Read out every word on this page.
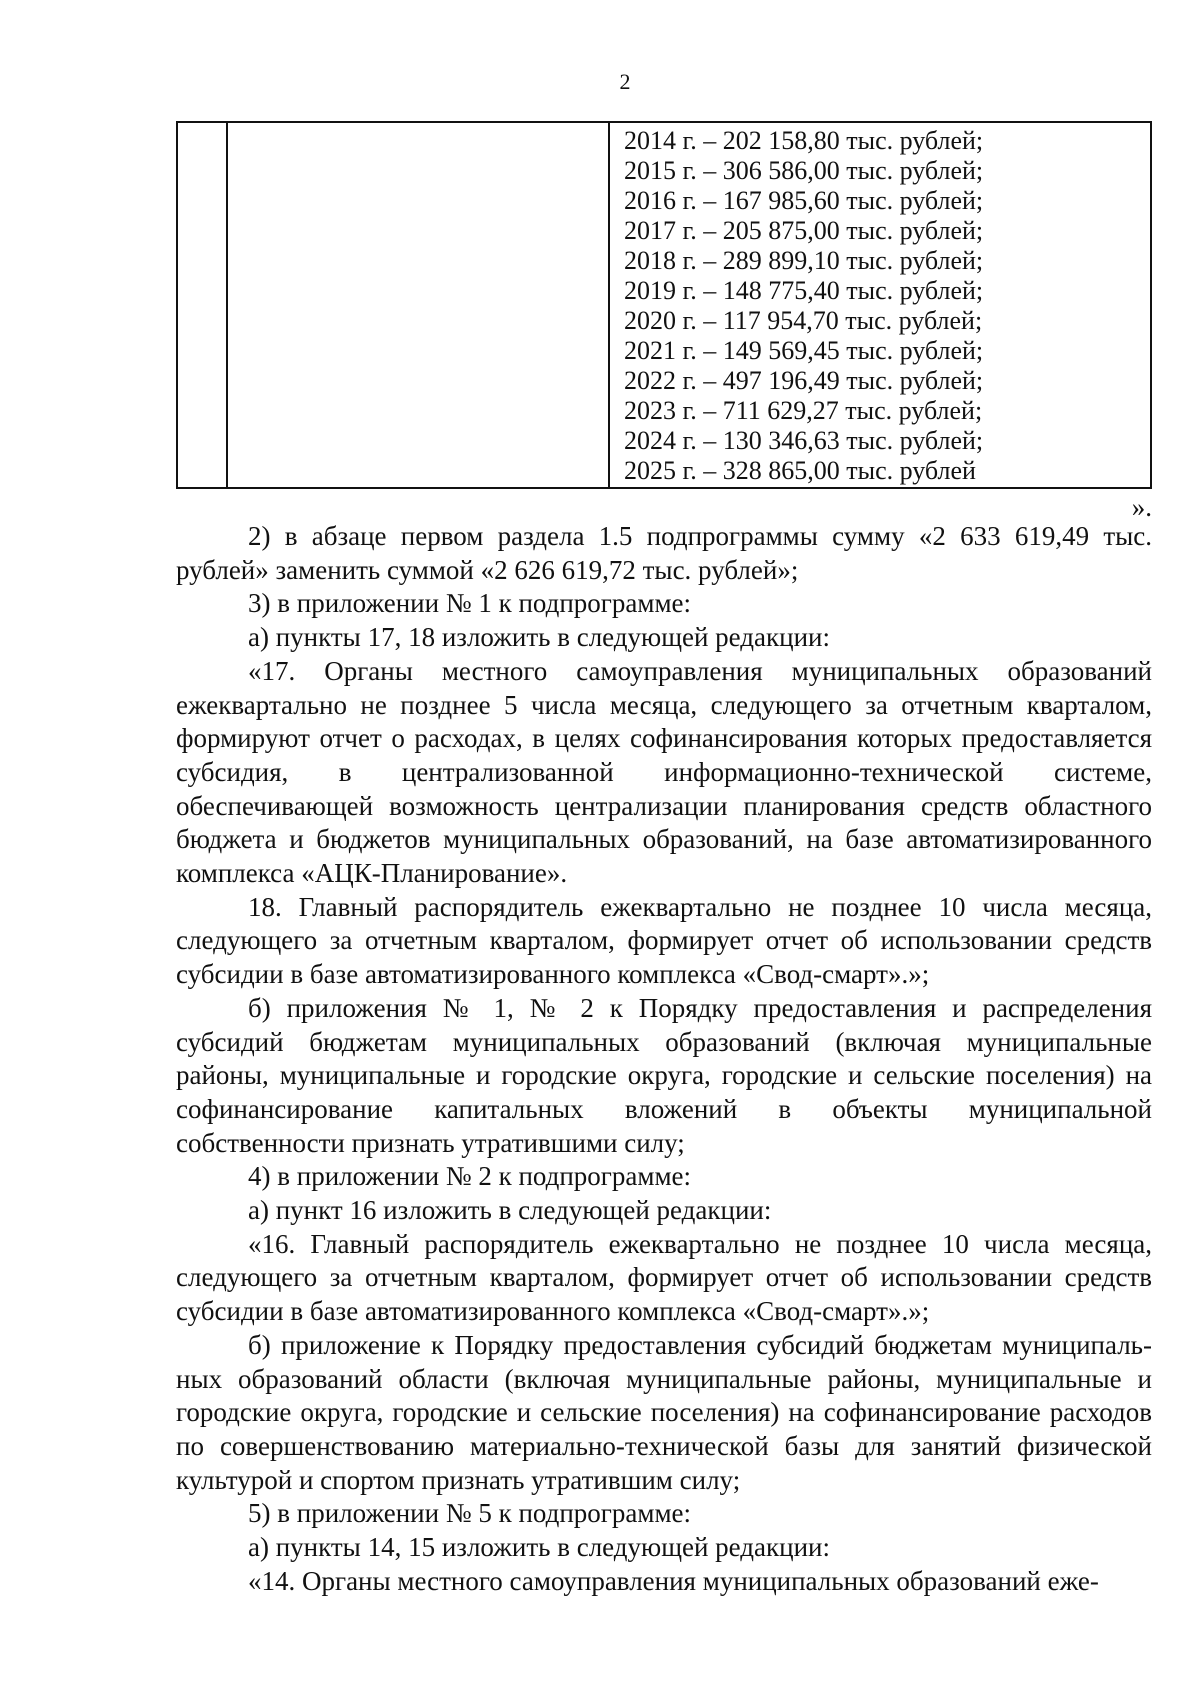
2

2014 г. – 202 158,80 тыс. рублей;
2015 г. – 306 586,00 тыс. рублей;
2016 г. – 167 985,60 тыс. рублей;
2017 г. – 205 875,00 тыс. рублей;
2018 г. – 289 899,10 тыс. рублей;
2019 г. – 148 775,40 тыс. рублей;
2020 г. – 117 954,70 тыс. рублей;
2021 г. – 149 569,45 тыс. рублей;
2022 г. – 497 196,49 тыс. рублей;
2023 г. – 711 629,27 тыс. рублей;
2024 г. – 130 346,63 тыс. рублей;
2025 г. – 328 865,00 тыс. рублей
».

2) в абзаце первом раздела 1.5 подпрограммы сумму «2 633 619,49 тыс. рублей» заменить суммой «2 626 619,72 тыс. рублей»;

3) в приложении № 1 к подпрограмме:

а) пункты 17, 18 изложить в следующей редакции:

«17. Органы местного самоуправления муниципальных образований ежеквартально не позднее 5 числа месяца, следующего за отчетным кварталом, формируют отчет о расходах, в целях софинансирования которых предоставляется субсидия, в централизованной информационно-технической системе, обеспечивающей возможность централизации планирования средств областного бюджета и бюджетов муниципальных образований, на базе автоматизированного комплекса «АЦК-Планирование».

18. Главный распорядитель ежеквартально не позднее 10 числа месяца, следующего за отчетным кварталом, формирует отчет об использовании средств субсидии в базе автоматизированного комплекса «Свод-смарт».»;

б) приложения № 1, № 2 к Порядку предоставления и распределения субсидий бюджетам муниципальных образований (включая муниципальные районы, муниципальные и городские округа, городские и сельские поселения) на софинансирование капитальных вложений в объекты муниципальной собственности признать утратившими силу;

4) в приложении № 2 к подпрограмме:

а) пункт 16 изложить в следующей редакции:

«16. Главный распорядитель ежеквартально не позднее 10 числа месяца, следующего за отчетным кварталом, формирует отчет об использовании средств субсидии в базе автоматизированного комплекса «Свод-смарт».»;

б) приложение к Порядку предоставления субсидий бюджетам муниципаль-ных образований области (включая муниципальные районы, муниципальные и городские округа, городские и сельские поселения) на софинансирование расходов по совершенствованию материально-технической базы для занятий физической культурой и спортом признать утратившим силу;

5) в приложении № 5 к подпрограмме:

а) пункты 14, 15 изложить в следующей редакции:

«14. Органы местного самоуправления муниципальных образований еже-
